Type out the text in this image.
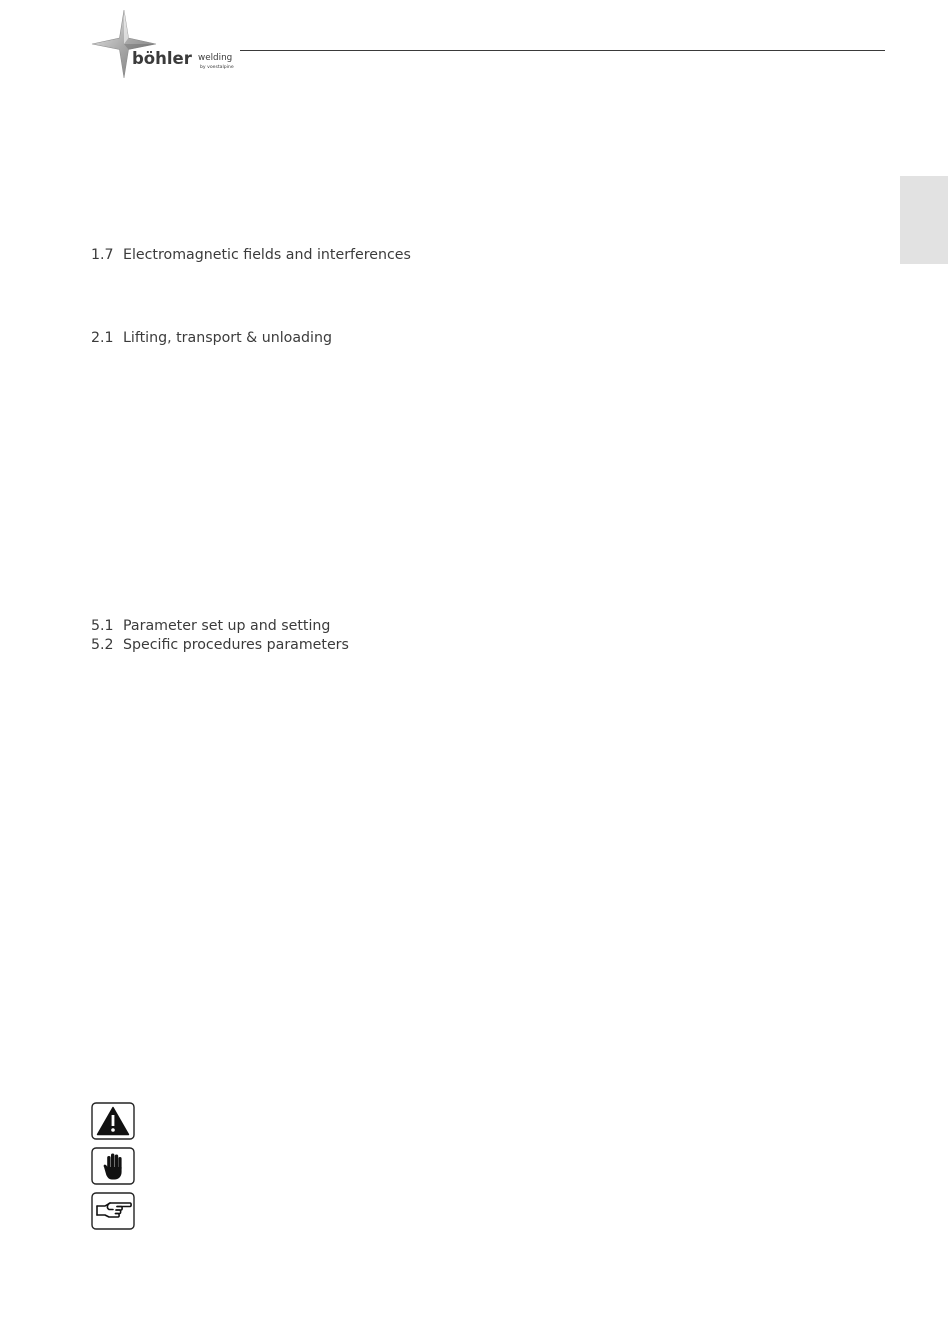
böhler welding
by voestalpine
1.7 Electromagnetic fields and interferences
2.1 Lifting, transport & unloading
5.1 Parameter set up and setting
5.2 Specific procedures parameters
